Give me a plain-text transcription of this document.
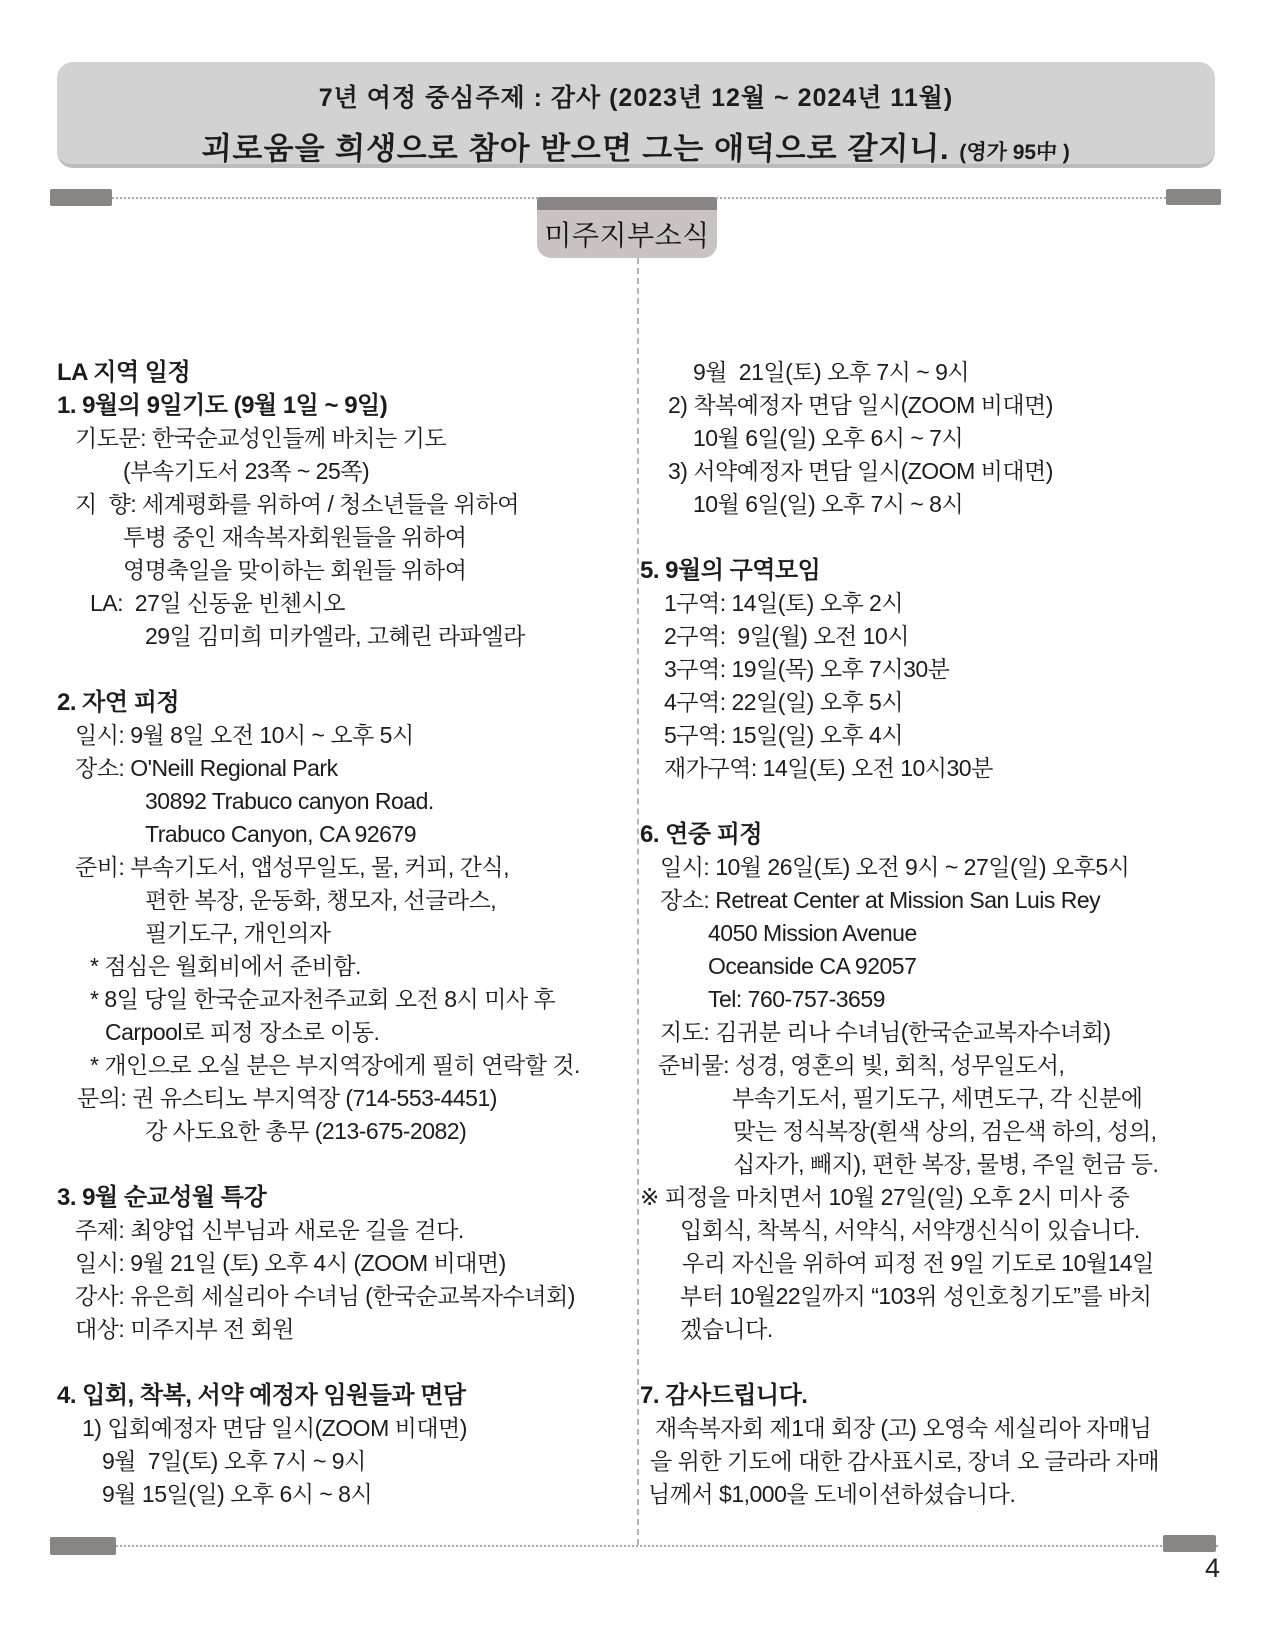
7년 여정 중심주제 : 감사 (2023년 12월 ~ 2024년 11월)
괴로움을 희생으로 참아 받으면 그는 애덕으로 갈지니. (영가 95中 )
미주지부소식
LA 지역 일정
1. 9월의 9일기도 (9월 1일 ~ 9일)
기도문: 한국순교성인들께 바치는 기도
(부속기도서 23쪽 ~ 25쪽)
지  향: 세계평화를 위하여 / 청소년들을 위하여
투병 중인 재속복자회원들을 위하여
영명축일을 맞이하는 회원들 위하여
LA:  27일 신동윤 빈첸시오
29일 김미희 미카엘라, 고혜린 라파엘라
2. 자연 피정
일시: 9월 8일 오전 10시 ~ 오후 5시
장소: O'Neill Regional Park
30892 Trabuco canyon Road.
Trabuco Canyon, CA 92679
준비: 부속기도서, 앱성무일도, 물, 커피, 간식,
편한 복장, 운동화, 챙모자, 선글라스,
필기도구, 개인의자
* 점심은 월회비에서 준비함.
* 8일 당일 한국순교자천주교회 오전 8시 미사 후
Carpool로 피정 장소로 이동.
* 개인으로 오실 분은 부지역장에게 필히 연락할 것.
문의: 권 유스티노 부지역장 (714-553-4451)
강 사도요한 총무 (213-675-2082)
3. 9월 순교성월 특강
주제: 최양업 신부님과 새로운 길을 걷다.
일시: 9월 21일 (토) 오후 4시 (ZOOM 비대면)
강사: 유은희 세실리아 수녀님 (한국순교복자수녀회)
대상: 미주지부 전 회원
4. 입회, 착복, 서약 예정자 임원들과 면담
1) 입회예정자 면담 일시(ZOOM 비대면)
9월  7일(토) 오후 7시 ~ 9시
9월 15일(일) 오후 6시 ~ 8시
9월  21일(토) 오후 7시 ~ 9시
2) 착복예정자 면담 일시(ZOOM 비대면)
10월 6일(일) 오후 6시 ~ 7시
3) 서약예정자 면담 일시(ZOOM 비대면)
10월 6일(일) 오후 7시 ~ 8시
5. 9월의 구역모임
1구역: 14일(토) 오후 2시
2구역:  9일(월) 오전 10시
3구역: 19일(목) 오후 7시30분
4구역: 22일(일) 오후 5시
5구역: 15일(일) 오후 4시
재가구역: 14일(토) 오전 10시30분
6. 연중 피정
일시: 10월 26일(토) 오전 9시 ~ 27일(일) 오후5시
장소: Retreat Center at Mission San Luis Rey
4050 Mission Avenue
Oceanside CA 92057
Tel: 760-757-3659
지도: 김귀분 리나 수녀님(한국순교복자수녀회)
준비물: 성경, 영혼의 빛, 회칙, 성무일도서,
부속기도서, 필기도구, 세면도구, 각 신분에
맞는 정식복장(흰색 상의, 검은색 하의, 성의,
십자가, 빼지), 편한 복장, 물병, 주일 헌금 등.
※ 피정을 마치면서 10월 27일(일) 오후 2시 미사 중
입회식, 착복식, 서약식, 서약갱신식이 있습니다.
우리 자신을 위하여 피정 전 9일 기도로 10월14일
부터 10월22일까지 “103위 성인호칭기도”를 바치
겠습니다.
7. 감사드립니다.
재속복자회 제1대 회장 (고) 오영숙 세실리아 자매님
을 위한 기도에 대한 감사표시로, 장녀 오 글라라 자매
님께서 $1,000을 도네이션하셨습니다.
4
